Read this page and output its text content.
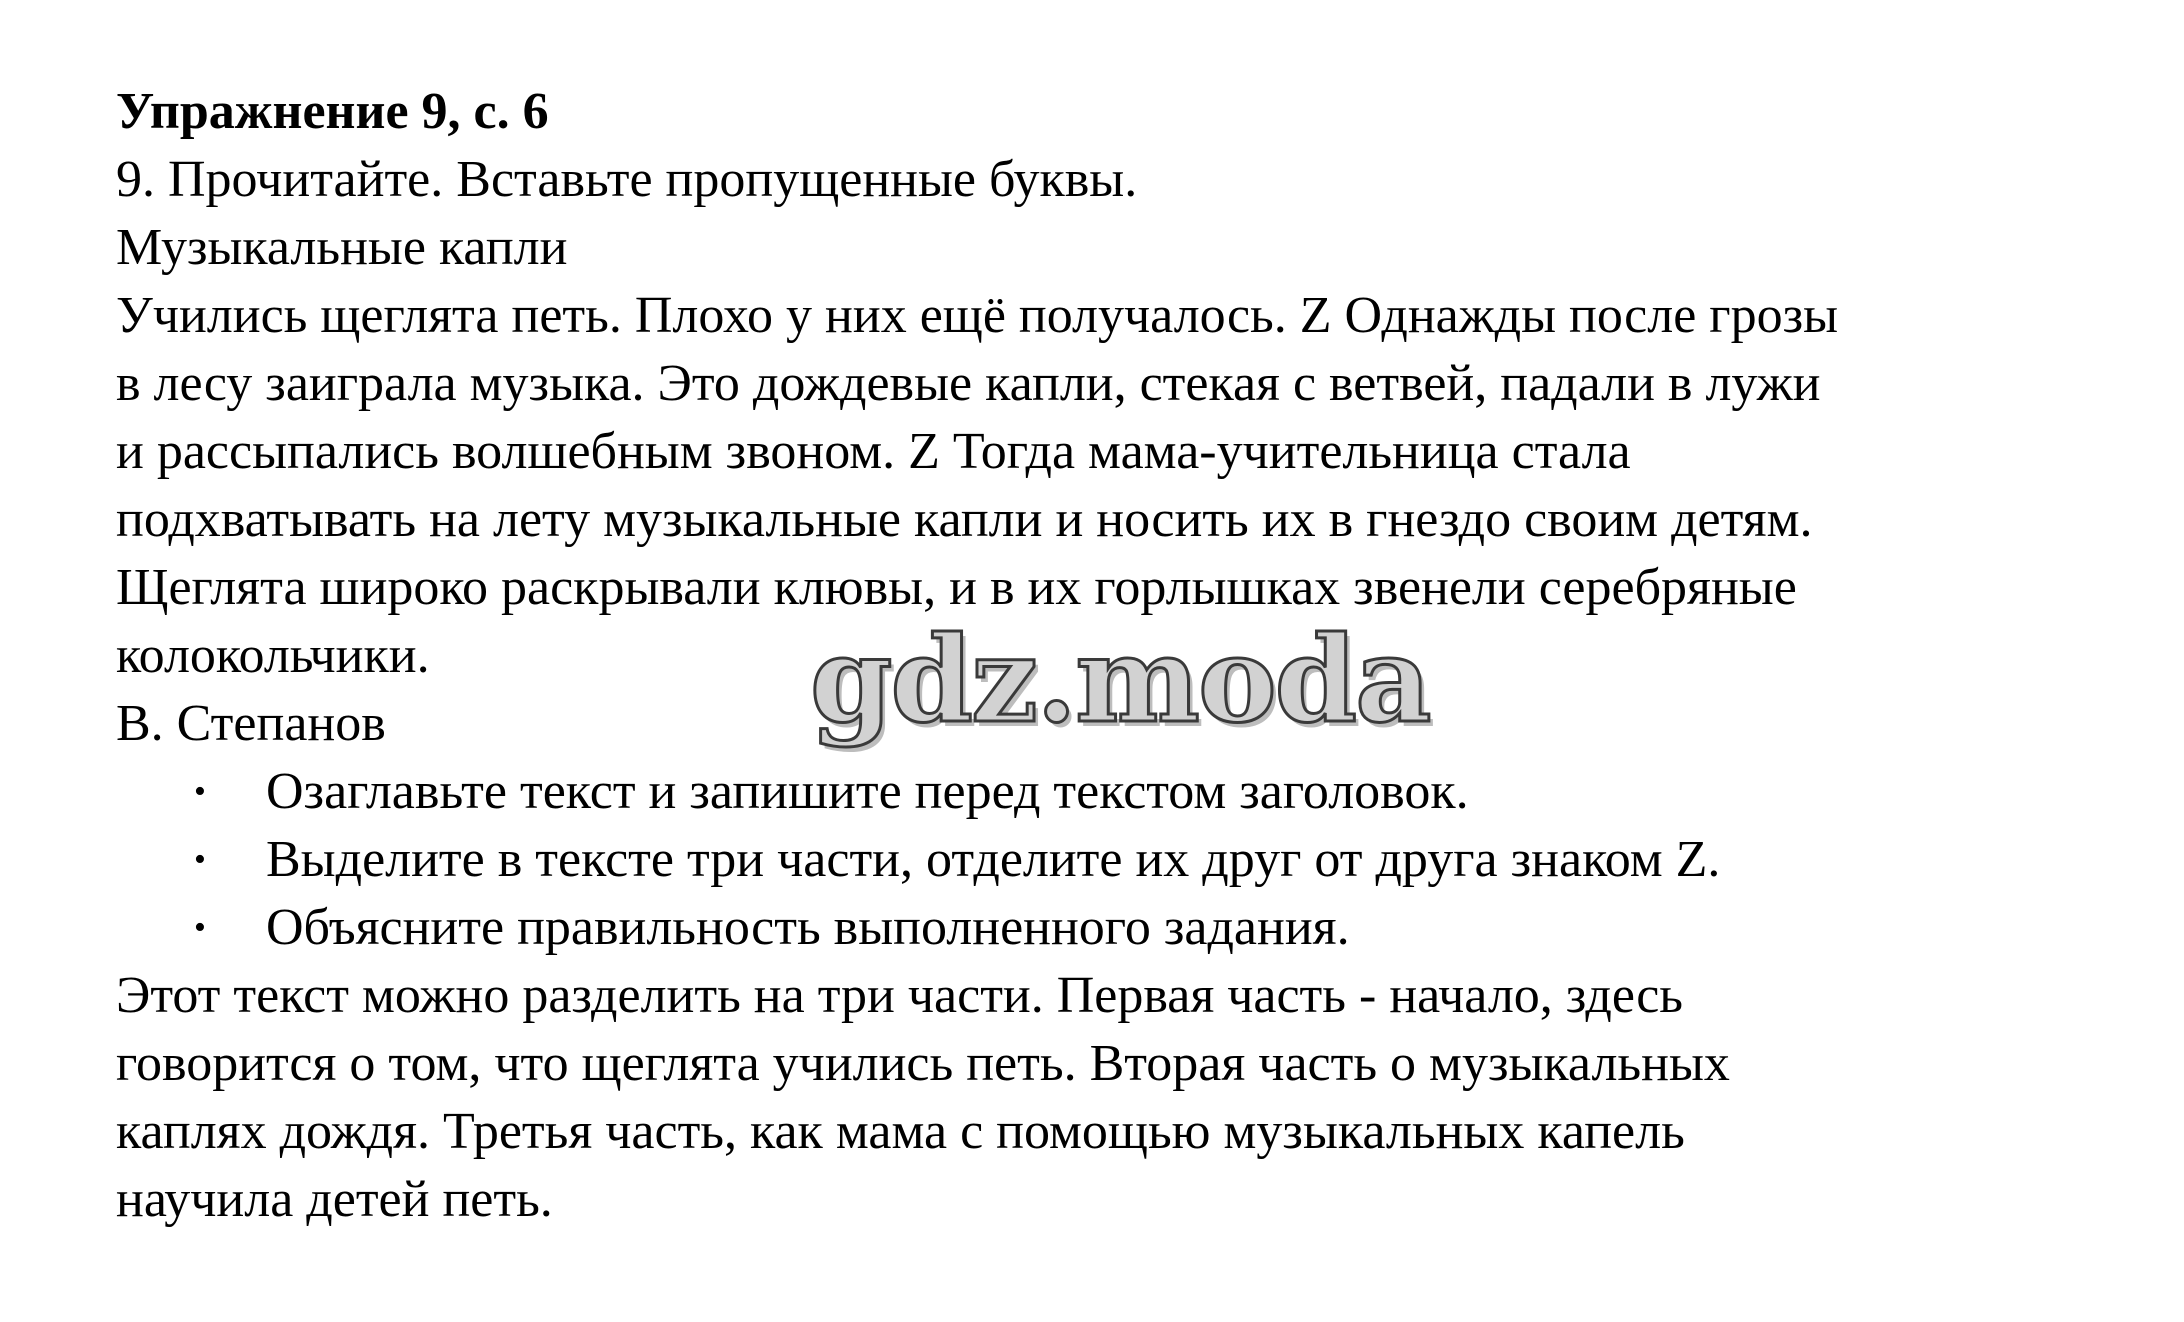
Упражнение 9, с. 6
9. Прочитайте. Вставьте пропущенные буквы.
Музыкальные капли
Учились щеглята петь. Плохо у них ещё получалось. Z Однажды после грозы
в лесу заиграла музыка. Это дождевые капли, стекая с ветвей, падали в лужи
и рассыпались волшебным звоном. Z Тогда мама-учительница стала
подхватывать на лету музыкальные капли и носить их в гнездо своим детям.
Щеглята широко раскрывали клювы, и в их горлышках звенели серебряные
колокольчики.
В. Степанов
• Озаглавьте текст и запишите перед текстом заголовок.
• Выделите в тексте три части, отделите их друг от друга знаком Z.
• Объясните правильность выполненного задания.
Этот текст можно разделить на три части. Первая часть - начало, здесь
говорится о том, что щеглята учились петь. Вторая часть о музыкальных
каплях дождя. Третья часть, как мама с помощью музыкальных капель
научила детей петь.
gdz.moda
